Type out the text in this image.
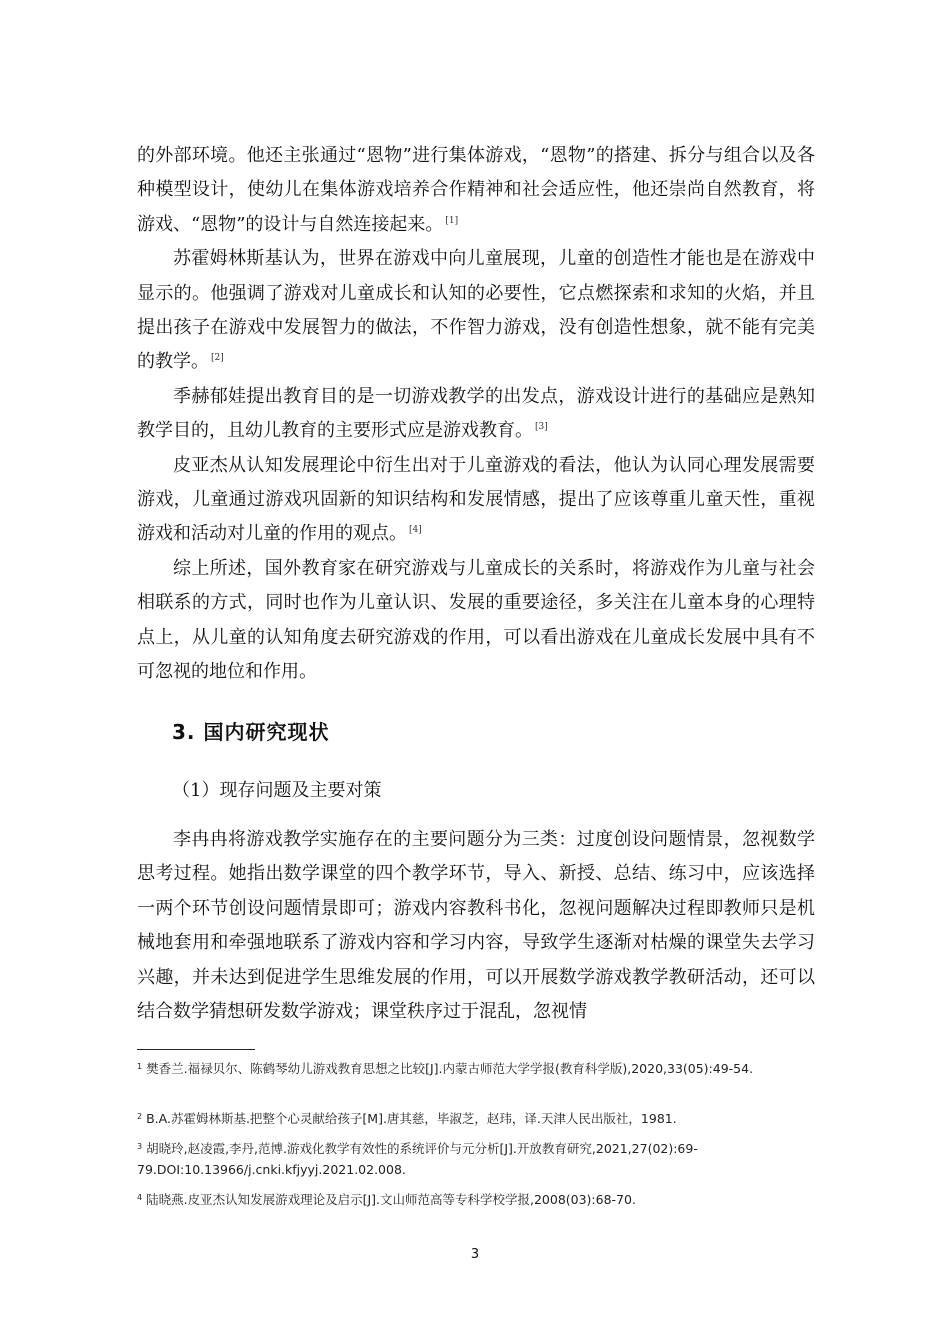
的外部环境。他还主张通过“恩物”进行集体游戏，“恩物”的搭建、拆分与组合以及各种模型设计，使幼儿在集体游戏培养合作精神和社会适应性，他还崇尚自然教育，将游戏、“恩物”的设计与自然连接起来。 [1]

苏霍姆林斯基认为，世界在游戏中向儿童展现，儿童的创造性才能也是在游戏中显示的。他强调了游戏对儿童成长和认知的必要性，它点燃探索和求知的火焰，并且提出孩子在游戏中发展智力的做法，不作智力游戏，没有创造性想象，就不能有完美的教学。 [2]

季赫郁娃提出教育目的是一切游戏教学的出发点，游戏设计进行的基础应是熟知教学目的，且幼儿教育的主要形式应是游戏教育。 [3]

皮亚杰从认知发展理论中衍生出对于儿童游戏的看法，他认为认同心理发展需要游戏，儿童通过游戏巩固新的知识结构和发展情感，提出了应该尊重儿童天性，重视游戏和活动对儿童的作用的观点。 [4]

综上所述，国外教育家在研究游戏与儿童成长的关系时，将游戏作为儿童与社会相联系的方式，同时也作为儿童认识、发展的重要途径，多关注在儿童本身的心理特点上，从儿童的认知角度去研究游戏的作用，可以看出游戏在儿童成长发展中具有不可忽视的地位和作用。

3. 国内研究现状
（1）现存问题及主要对策

李冉冉将游戏教学实施存在的主要问题分为三类：过度创设问题情景，忽视数学思考过程。她指出数学课堂的四个教学环节，导入、新授、总结、练习中，应该选择一两个环节创设问题情景即可；游戏内容教科书化，忽视问题解决过程即教师只是机械地套用和牵强地联系了游戏内容和学习内容，导致学生逐渐对枯燥的课堂失去学习兴趣，并未达到促进学生思维发展的作用，可以开展数学游戏教学教研活动，还可以结合数学猜想研发数学游戏；课堂秩序过于混乱，忽视情

$^1$ 樊香兰.福禄贝尔、陈鹤琴幼儿游戏教育思想之比较[J].内蒙古师范大学学报(教育科学版),2020,33(05):49-54.
$^2$ B.A.苏霍姆林斯基.把整个心灵献给孩子[M].唐其慈，毕淑芝，赵玮，译.天津人民出版社，1981.
$^3$ 胡晓玲,赵凌霞,李丹,范博.游戏化教学有效性的系统评价与元分析[J].开放教育研究,2021,27(02):69-79.DOI:10.13966/j.cnki.kfjyyj.2021.02.008.
$^4$ 陆晓燕.皮亚杰认知发展游戏理论及启示[J].文山师范高等专科学校学报,2008(03):68-70.
3
